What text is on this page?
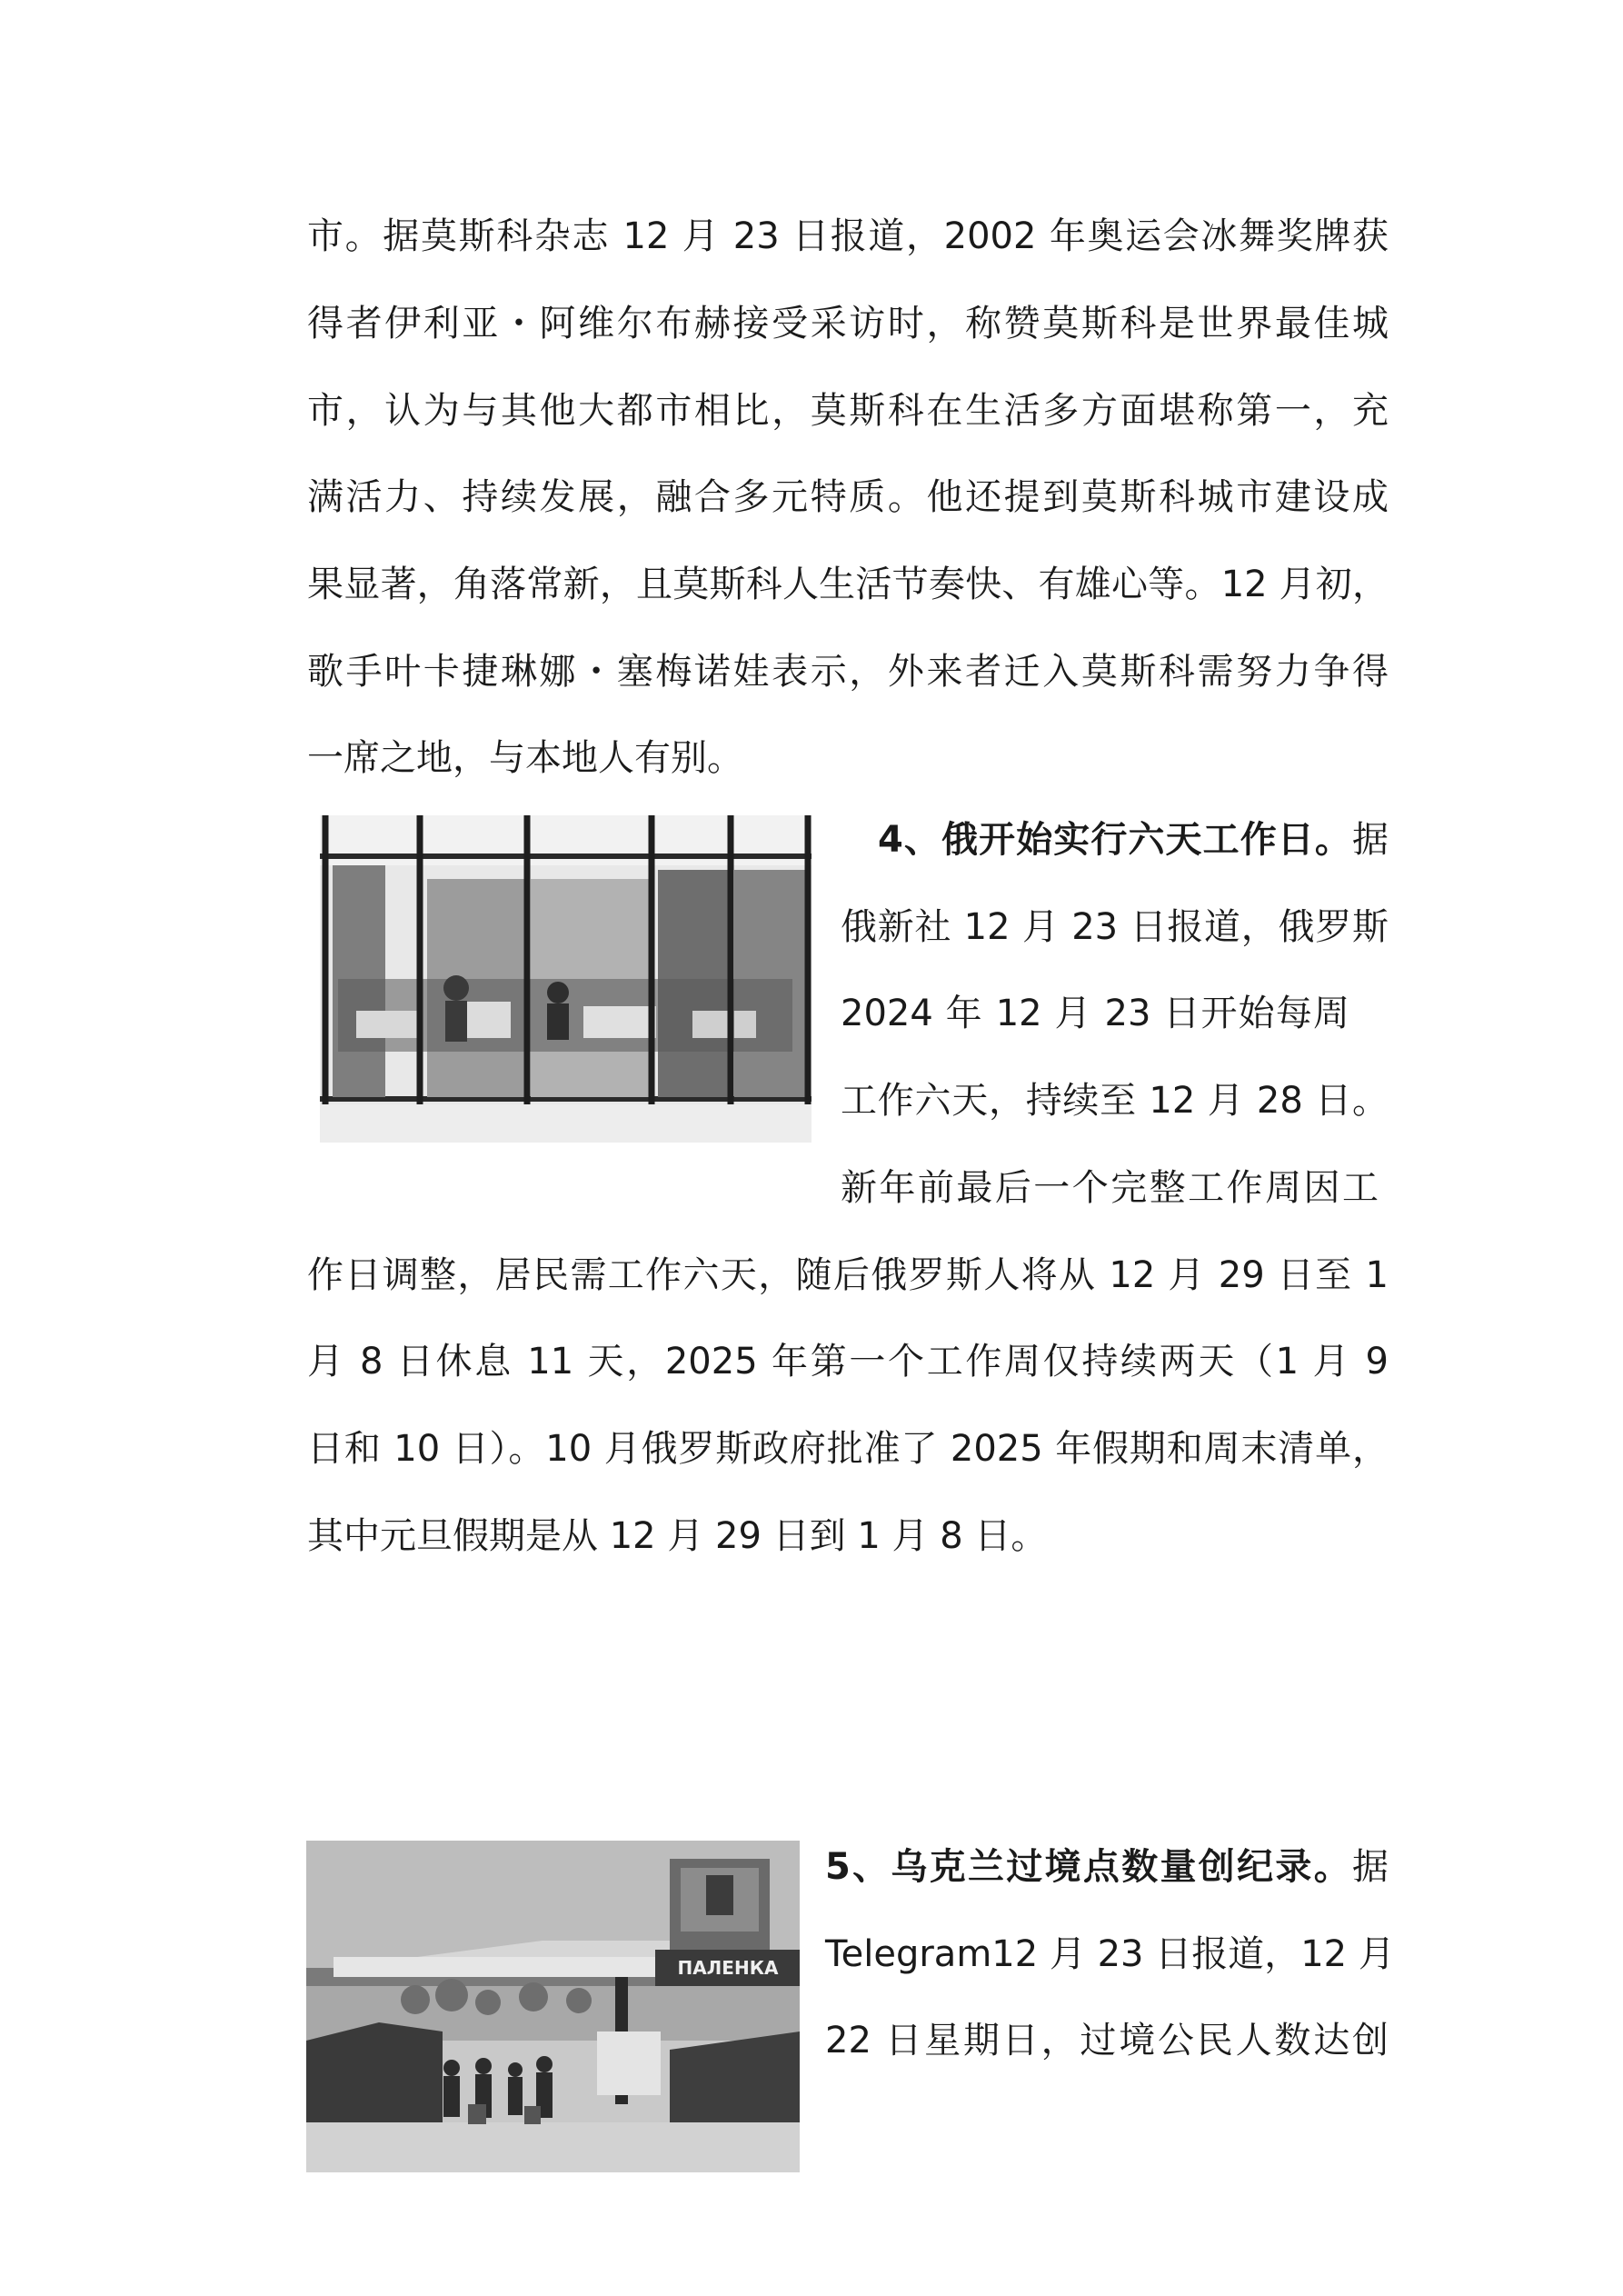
市。据莫斯科杂志 12 月 23 日报道，2002 年奥运会冰舞奖牌获
得者伊利亚・阿维尔布赫接受采访时，称赞莫斯科是世界最佳城
市，认为与其他大都市相比，莫斯科在生活多方面堪称第一，充
满活力、持续发展，融合多元特质。他还提到莫斯科城市建设成
果显著，角落常新，且莫斯科人生活节奏快、有雄心等。12 月初，
歌手叶卡捷琳娜・塞梅诺娃表示，外来者迁入莫斯科需努力争得
一席之地，与本地人有别。
4、俄开始实行六天工作日。据
俄新社 12 月 23 日报道，俄罗斯
2024 年 12 月 23 日开始每周
工作六天，持续至 12 月 28 日。
新年前最后一个完整工作周因工
作日调整，居民需工作六天，随后俄罗斯人将从 12 月 29 日至 1
月 8 日休息 11 天，2025 年第一个工作周仅持续两天（1 月 9
日和 10 日）。10 月俄罗斯政府批准了 2025 年假期和周末清单，
其中元旦假期是从 12 月 29 日到 1 月 8 日。
ПАЛЕНКА
5、乌克兰过境点数量创纪录。据
Telegram12 月 23 日报道，12 月
22 日星期日，过境公民人数达创
